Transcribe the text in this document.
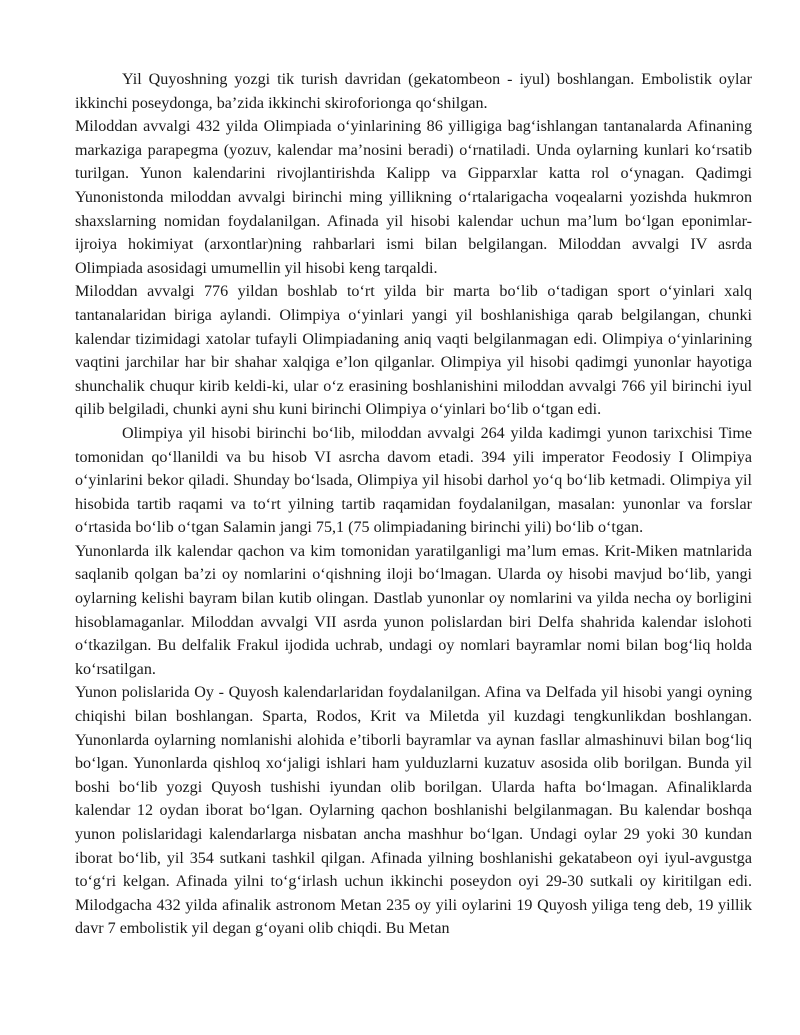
Yil Quyoshning yozgi tik turish davridan (gekatombeon - iyul) boshlangan. Embolistik oylar ikkinchi poseydonga, ba’zida ikkinchi skiroforionga qo‘shilgan.

Miloddan avvalgi 432 yilda Olimpiada o‘yinlarining 86 yilligiga bag‘ishlangan tantanalarda Afinaning markaziga parapegma (yozuv, kalendar ma’nosini beradi) o‘rnatiladi. Unda oylarning kunlari ko‘rsatib turilgan. Yunon kalendarini rivojlantirishda Kalipp va Gipparxlar katta rol o‘ynagan. Qadimgi Yunonistonda miloddan avvalgi birinchi ming yillikning o‘rtalarigacha voqealarni yozishda hukmron shaxslarning nomidan foydalanilgan. Afinada yil hisobi kalendar uchun ma’lum bo‘lgan eponimlar-ijroiya hokimiyat (arxontlar)ning rahbarlari ismi bilan belgilangan. Miloddan avvalgi IV asrda Olimpiada asosidagi umumellin yil hisobi keng tarqaldi.

Miloddan avvalgi 776 yildan boshlab to‘rt yilda bir marta bo‘lib o‘tadigan sport o‘yinlari xalq tantanalaridan biriga aylandi. Olimpiya o‘yinlari yangi yil boshlanishiga qarab belgilangan, chunki kalendar tizimidagi xatolar tufayli Olimpiadaning aniq vaqti belgilanmagan edi. Olimpiya o‘yinlarining vaqtini jarchilar har bir shahar xalqiga e’lon qilganlar. Olimpiya yil hisobi qadimgi yunonlar hayotiga shunchalik chuqur kirib keldi-ki, ular o‘z erasining boshlanishini miloddan avvalgi 766 yil birinchi iyul qilib belgiladi, chunki ayni shu kuni birinchi Olimpiya o‘yinlari bo‘lib o‘tgan edi.

Olimpiya yil hisobi birinchi bo‘lib, miloddan avvalgi 264 yilda kadimgi yunon tarixchisi Time tomonidan qo‘llanildi va bu hisob VI asrcha davom etadi. 394 yili imperator Feodosiy I Olimpiya o‘yinlarini bekor qiladi. Shunday bo‘lsada, Olimpiya yil hisobi darhol yo‘q bo‘lib ketmadi. Olimpiya yil hisobida tartib raqami va to‘rt yilning tartib raqamidan foydalanilgan, masalan: yunonlar va forslar o‘rtasida bo‘lib o‘tgan Salamin jangi 75,1 (75 olimpiadaning birinchi yili) bo‘lib o‘tgan.

Yunonlarda ilk kalendar qachon va kim tomonidan yaratilganligi ma’lum emas. Krit-Miken matnlarida saqlanib qolgan ba’zi oy nomlarini o‘qishning iloji bo‘lmagan. Ularda oy hisobi mavjud bo‘lib, yangi oylarning kelishi bayram bilan kutib olingan. Dastlab yunonlar oy nomlarini va yilda necha oy borligini hisoblamaganlar. Miloddan avvalgi VII asrda yunon polislardan biri Delfa shahrida kalendar islohoti o‘tkazilgan. Bu delfalik Frakul ijodida uchrab, undagi oy nomlari bayramlar nomi bilan bog‘liq holda ko‘rsatilgan.

Yunon polislarida Oy - Quyosh kalendarlaridan foydalanilgan. Afina va Delfada yil hisobi yangi oyning chiqishi bilan boshlangan. Sparta, Rodos, Krit va Miletda yil kuzdagi tengkunlikdan boshlangan. Yunonlarda oylarning nomlanishi alohida e’tiborli bayramlar va aynan fasllar almashinuvi bilan bog‘liq bo‘lgan. Yunonlarda qishloq xo‘jaligi ishlari ham yulduzlarni kuzatuv asosida olib borilgan. Bunda yil boshi bo‘lib yozgi Quyosh tushishi iyundan olib borilgan. Ularda hafta bo‘lmagan. Afinaliklarda kalendar 12 oydan iborat bo‘lgan. Oylarning qachon boshlanishi belgilanmagan. Bu kalendar boshqa yunon polislaridagi kalendarlarga nisbatan ancha mashhur bo‘lgan. Undagi oylar 29 yoki 30 kundan iborat bo‘lib, yil 354 sutkani tashkil qilgan. Afinada yilning boshlanishi gekatabeon oyi iyul-avgustga to‘g‘ri kelgan. Afinada yilni to‘g‘irlash uchun ikkinchi poseydon oyi 29-30 sutkali oy kiritilgan edi. Milodgacha 432 yilda afinalik astronom Metan 235 oy yili oylarini 19 Quyosh yiliga teng deb, 19 yillik davr 7 embolistik yil degan g‘oyani olib chiqdi. Bu Metan
